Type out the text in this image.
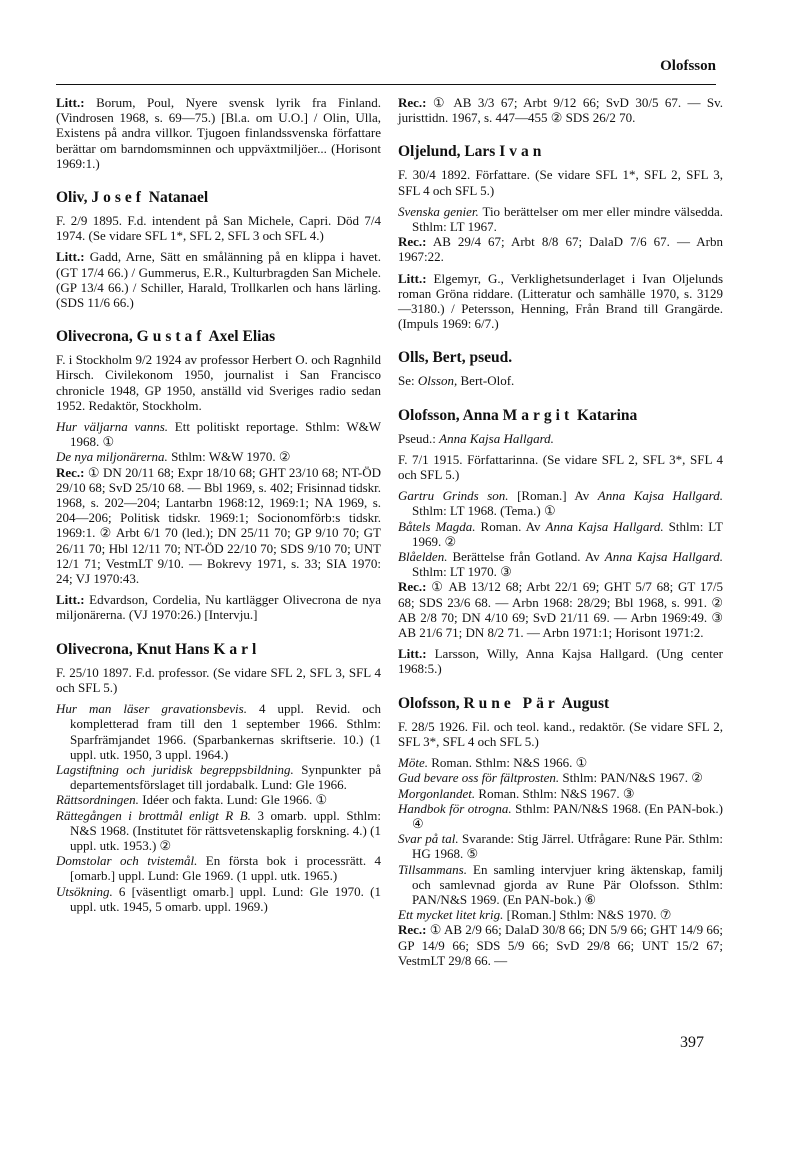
Olofsson

Litt.: Borum, Poul, Nyere svensk lyrik fra Finland. (Vindrosen 1968, s. 69—75.) [Bl.a. om U.O.] / Olin, Ulla, Existens på andra villkor. Tjugoen finlandssvenska författare berättar om barndomsminnen och uppväxtmiljöer... (Horisont 1969:1.)

Oliv, Josef Natanael

F. 2/9 1895. F.d. intendent på San Michele, Capri. Död 7/4 1974. (Se vidare SFL 1*, SFL 2, SFL 3 och SFL 4.)

Litt.: Gadd, Arne, Sätt en smålänning på en klippa i havet. (GT 17/4 66.) / Gummerus, E.R., Kulturbragden San Michele. (GP 13/4 66.) / Schiller, Harald, Trollkarlen och hans lärling. (SDS 11/6 66.)

Olivecrona, Gustaf Axel Elias

F. i Stockholm 9/2 1924 av professor Herbert O. och Ragnhild Hirsch. Civilekonom 1950, journalist i San Francisco chronicle 1948, GP 1950, anställd vid Sveriges radio sedan 1952. Redaktör, Stockholm.

Hur väljarna vanns. Ett politiskt reportage. Sthlm: W&W 1968. ①

De nya miljonärerna. Sthlm: W&W 1970. ②

Rec.: ① DN 20/11 68; Expr 18/10 68; GHT 23/10 68; NT-ÖD 29/10 68; SvD 25/10 68. — Bbl 1969, s. 402; Frisinnad tidskr. 1968, s. 202—204; Lantarbn 1968:12, 1969:1; NA 1969, s. 204—206; Politisk tidskr. 1969:1; Socionomförb:s tidskr. 1969:1. ② Arbt 6/1 70 (led.); DN 25/11 70; GP 9/10 70; GT 26/11 70; Hbl 12/11 70; NT-ÖD 22/10 70; SDS 9/10 70; UNT 12/1 71; VestmLT 9/10. — Bokrevy 1971, s. 33; SIA 1970: 24; VJ 1970:43.

Litt.: Edvardson, Cordelia, Nu kartlägger Olivecrona de nya miljonärerna. (VJ 1970:26.) [Intervju.]

Olivecrona, Knut Hans Karl

F. 25/10 1897. F.d. professor. (Se vidare SFL 2, SFL 3, SFL 4 och SFL 5.)

Hur man läser gravationsbevis. 4 uppl. Revid. och kompletterad fram till den 1 september 1966. Sthlm: Sparfrämjandet 1966. (Sparbankernas skriftserie. 10.) (1 uppl. utk. 1950, 3 uppl. 1964.)

Lagstiftning och juridisk begreppsbildning. Synpunkter på departementsförslaget till jordabalk. Lund: Gle 1966.

Rättsordningen. Idéer och fakta. Lund: Gle 1966. ①

Rättegången i brottmål enligt R B. 3 omarb. uppl. Sthlm: N&S 1968. (Institutet för rättsvetenskaplig forskning. 4.) (1 uppl. utk. 1953.) ②

Domstolar och tvistemål. En första bok i processrätt. 4 [omarb.] uppl. Lund: Gle 1969. (1 uppl. utk. 1965.)

Utsökning. 6 [väsentligt omarb.] uppl. Lund: Gle 1970. (1 uppl. utk. 1945, 5 omarb. uppl. 1969.)

Rec.: ① AB 3/3 67; Arbt 9/12 66; SvD 30/5 67. — Sv. juristtidn. 1967, s. 447—455 ② SDS 26/2 70.

Oljelund, Lars Ivan

F. 30/4 1892. Författare. (Se vidare SFL 1*, SFL 2, SFL 3, SFL 4 och SFL 5.)

Svenska genier. Tio berättelser om mer eller mindre välsedda. Sthlm: LT 1967.

Rec.: AB 29/4 67; Arbt 8/8 67; DalaD 7/6 67. — Arbn 1967:22.

Litt.: Elgemyr, G., Verklighetsunderlaget i Ivan Oljelunds roman Gröna riddare. (Litteratur och samhälle 1970, s. 3129—3180.) / Petersson, Henning, Från Brand till Grangärde. (Impuls 1969: 6/7.)

Olls, Bert, pseud.

Se: Olsson, Bert-Olof.

Olofsson, Anna Margit Katarina

Pseud.: Anna Kajsa Hallgard.

F. 7/1 1915. Författarinna. (Se vidare SFL 2, SFL 3*, SFL 4 och SFL 5.)

Gartru Grinds son. [Roman.] Av Anna Kajsa Hallgard. Sthlm: LT 1968. (Tema.) ①

Båtels Magda. Roman. Av Anna Kajsa Hallgard. Sthlm: LT 1969. ②

Blåelden. Berättelse från Gotland. Av Anna Kajsa Hallgard. Sthlm: LT 1970. ③

Rec.: ① AB 13/12 68; Arbt 22/1 69; GHT 5/7 68; GT 17/5 68; SDS 23/6 68. — Arbn 1968: 28/29; Bbl 1968, s. 991. ② AB 2/8 70; DN 4/10 69; SvD 21/11 69. — Arbn 1969:49. ③ AB 21/6 71; DN 8/2 71. — Arbn 1971:1; Horisont 1971:2.

Litt.: Larsson, Willy, Anna Kajsa Hallgard. (Ung center 1968:5.)

Olofsson, Rune Pär August

F. 28/5 1926. Fil. och teol. kand., redaktör. (Se vidare SFL 2, SFL 3*, SFL 4 och SFL 5.)

Möte. Roman. Sthlm: N&S 1966. ①

Gud bevare oss för fältprosten. Sthlm: PAN/N&S 1967. ②

Morgonlandet. Roman. Sthlm: N&S 1967. ③

Handbok för otrogna. Sthlm: PAN/N&S 1968. (En PAN-bok.) ④

Svar på tal. Svarande: Stig Järrel. Utfrågare: Rune Pär. Sthlm: HG 1968. ⑤

Tillsammans. En samling intervjuer kring äktenskap, familj och samlevnad gjorda av Rune Pär Olofsson. Sthlm: PAN/N&S 1969. (En PAN-bok.) ⑥

Ett mycket litet krig. [Roman.] Sthlm: N&S 1970. ⑦

Rec.: ① AB 2/9 66; DalaD 30/8 66; DN 5/9 66; GHT 14/9 66; GP 14/9 66; SDS 5/9 66; SvD 29/8 66; UNT 15/2 67; VestmLT 29/8 66. —

397
